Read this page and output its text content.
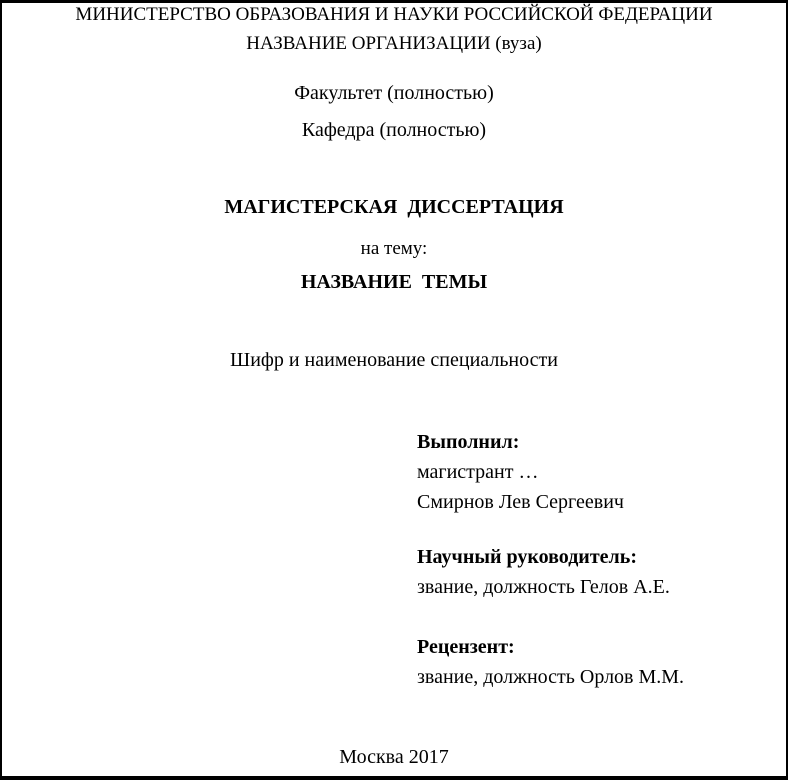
МИНИСТЕРСТВО ОБРАЗОВАНИЯ И НАУКИ РОССИЙСКОЙ ФЕДЕРАЦИИ
НАЗВАНИЕ ОРГАНИЗАЦИИ (вуза)
Факультет (полностью)
Кафедра (полностью)
МАГИСТЕРСКАЯ ДИССЕРТАЦИЯ
на тему:
НАЗВАНИЕ ТЕМЫ
Шифр и наименование специальности
Выполнил:
магистрант …
Смирнов Лев Сергеевич
Научный руководитель:
звание, должность Гелов А.Е.
Рецензент:
звание, должность Орлов М.М.
Москва 2017
